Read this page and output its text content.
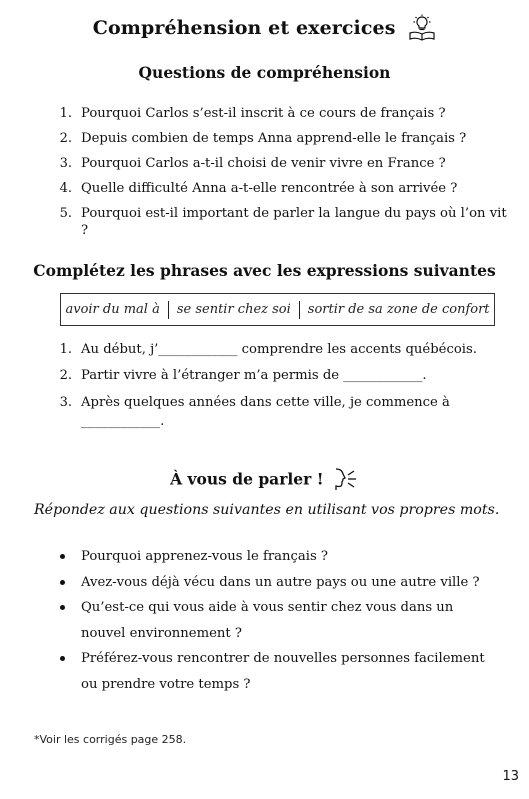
Compréhension et exercices
Questions de compréhension
1. Pourquoi Carlos s’est-il inscrit à ce cours de français ?
2. Depuis combien de temps Anna apprend-elle le français ?
3. Pourquoi Carlos a-t-il choisi de venir vivre en France ?
4. Quelle difficulté Anna a-t-elle rencontrée à son arrivée ?
5. Pourquoi est-il important de parler la langue du pays où l’on vit ?
Complétez les phrases avec les expressions suivantes
avoir du mal à se sentir chez soi sortir de sa zone de confort
1. Au début, j’____________ comprendre les accents québécois.
2. Partir vivre à l’étranger m’a permis de ____________.
3. Après quelques années dans cette ville, je commence à ____________.
À vous de parler !
Répondez aux questions suivantes en utilisant vos propres mots.
Pourquoi apprenez-vous le français ?
Avez-vous déjà vécu dans un autre pays ou une autre ville ?
Qu’est-ce qui vous aide à vous sentir chez vous dans un nouvel environnement ?
Préférez-vous rencontrer de nouvelles personnes facilement ou prendre votre temps ?
*Voir les corrigés page 258.
13
